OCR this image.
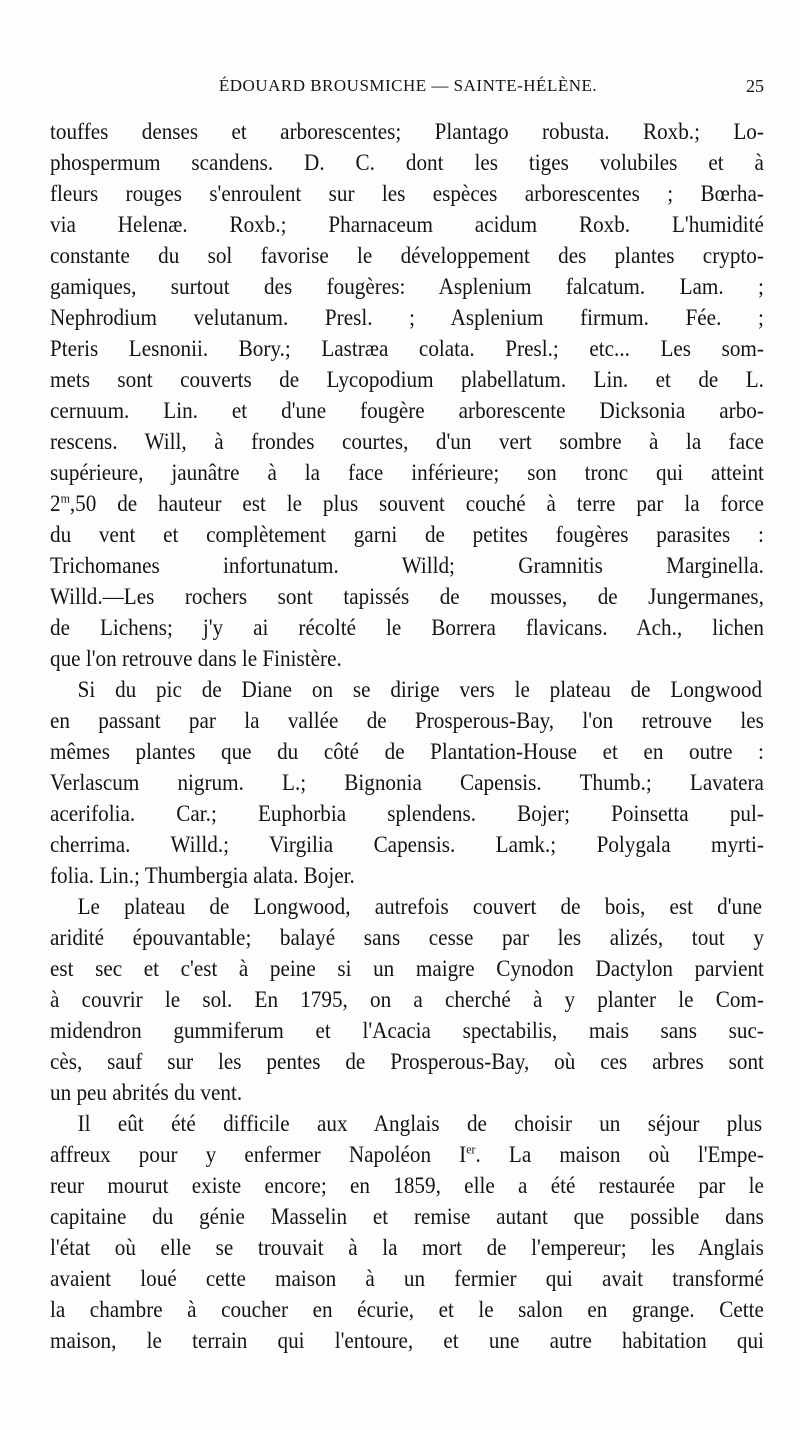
ÉDOUARD BROUSMICHE — SAINTE-HÉLÈNE.	25
touffes denses et arborescentes; Plantago robusta. Roxb.; Lo-
phospermum scandens. D. C. dont les tiges volubiles et à
fleurs rouges s'enroulent sur les espèces arborescentes ; Bœrha-
via Helenæ. Roxb.; Pharnaceum acidum Roxb. L'humidité
constante du sol favorise le développement des plantes crypto-
gamiques, surtout des fougères: Asplenium falcatum. Lam. ;
Nephrodium velutanum. Presl. ; Asplenium firmum. Fée. ;
Pteris Lesnonii. Bory.; Lastræa colata. Presl.; etc... Les som-
mets sont couverts de Lycopodium plabellatum. Lin. et de L.
cernuum. Lin. et d'une fougère arborescente Dicksonia arbo-
rescens. Will, à frondes courtes, d'un vert sombre à la face
supérieure, jaunâtre à la face inférieure; son tronc qui atteint
2$^m$,50 de hauteur est le plus souvent couché à terre par la force
du vent et complètement garni de petites fougères parasites :
Trichomanes infortunatum. Willd; Gramnitis Marginella.
Willd.—Les rochers sont tapissés de mousses, de Jungermanes,
de Lichens; j'y ai récolté le Borrera flavicans. Ach., lichen
que l'on retrouve dans le Finistère.
Si du pic de Diane on se dirige vers le plateau de Longwood
en passant par la vallée de Prosperous-Bay, l'on retrouve les
mêmes plantes que du côté de Plantation-House et en outre :
Verlascum nigrum. L.; Bignonia Capensis. Thumb.; Lavatera
acerifolia. Car.; Euphorbia splendens. Bojer; Poinsetta pul-
cherrima. Willd.; Virgilia Capensis. Lamk.; Polygala myrti-
folia. Lin.; Thumbergia alata. Bojer.
Le plateau de Longwood, autrefois couvert de bois, est d'une
aridité épouvantable; balayé sans cesse par les alizés, tout y
est sec et c'est à peine si un maigre Cynodon Dactylon parvient
à couvrir le sol. En 1795, on a cherché à y planter le Com-
midendron gummiferum et l'Acacia spectabilis, mais sans suc-
cès, sauf sur les pentes de Prosperous-Bay, où ces arbres sont
un peu abrités du vent.
Il eût été difficile aux Anglais de choisir un séjour plus
affreux pour y enfermer Napoléon Ier. La maison où l'Empe-
reur mourut existe encore; en 1859, elle a été restaurée par le
capitaine du génie Masselin et remise autant que possible dans
l'état où elle se trouvait à la mort de l'empereur; les Anglais
avaient loué cette maison à un fermier qui avait transformé
la chambre à coucher en écurie, et le salon en grange. Cette
maison, le terrain qui l'entoure, et une autre habitation qui
